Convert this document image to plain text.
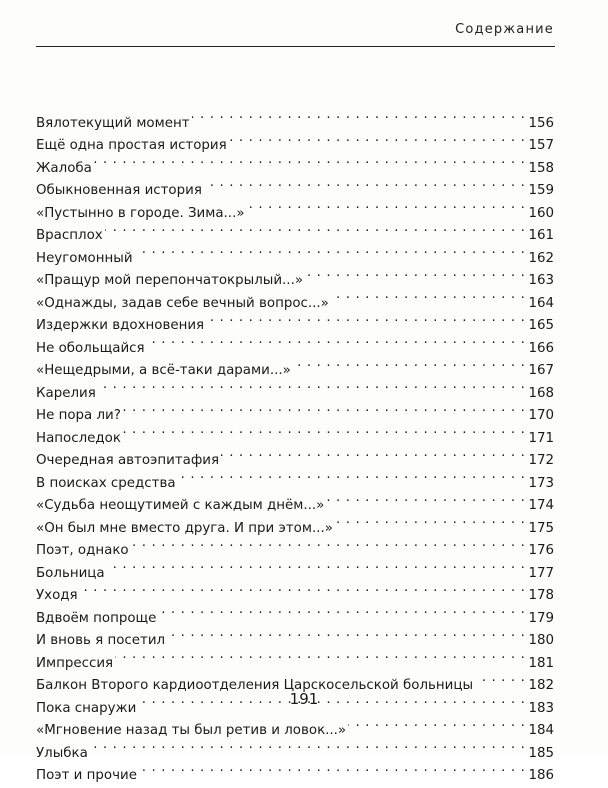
Содержание
Вялотекущий момент . . .	156
Ещё одна простая история . . .	157
Жалоба . . .	158
Обыкновенная история . . .	159
«Пустынно в городе. Зима...» . . .	160
Врасплох . . .	161
Неугомонный . . .	162
«Пращур мой перепончатокрылый...» . . .	163
«Однажды, задав себе вечный вопрос...» . . .	164
Издержки вдохновения . . .	165
Не обольщайся . . .	166
«Нещедрыми, а всё-таки дарами...» . . .	167
Карелия . . .	168
Не пора ли? . . .	170
Напоследок . . .	171
Очередная автоэпитафия . . .	172
В поисках средства . . .	173
«Судьба неощутимей с каждым днём...» . . .	174
«Он был мне вместо друга. И при этом...» . . .	175
Поэт, однако . . .	176
Больница . . .	177
Уходя . . .	178
Вдвоём попроще . . .	179
И вновь я посетил . . .	180
Импрессия . . .	181
Балкон Второго кардиоотделения Царскосельской больницы . . .	182
Пока снаружи . . .	183
«Мгновение назад ты был ретив и ловок...» . . .	184
Улыбка . . .	185
Поэт и прочие . . .	186
191
